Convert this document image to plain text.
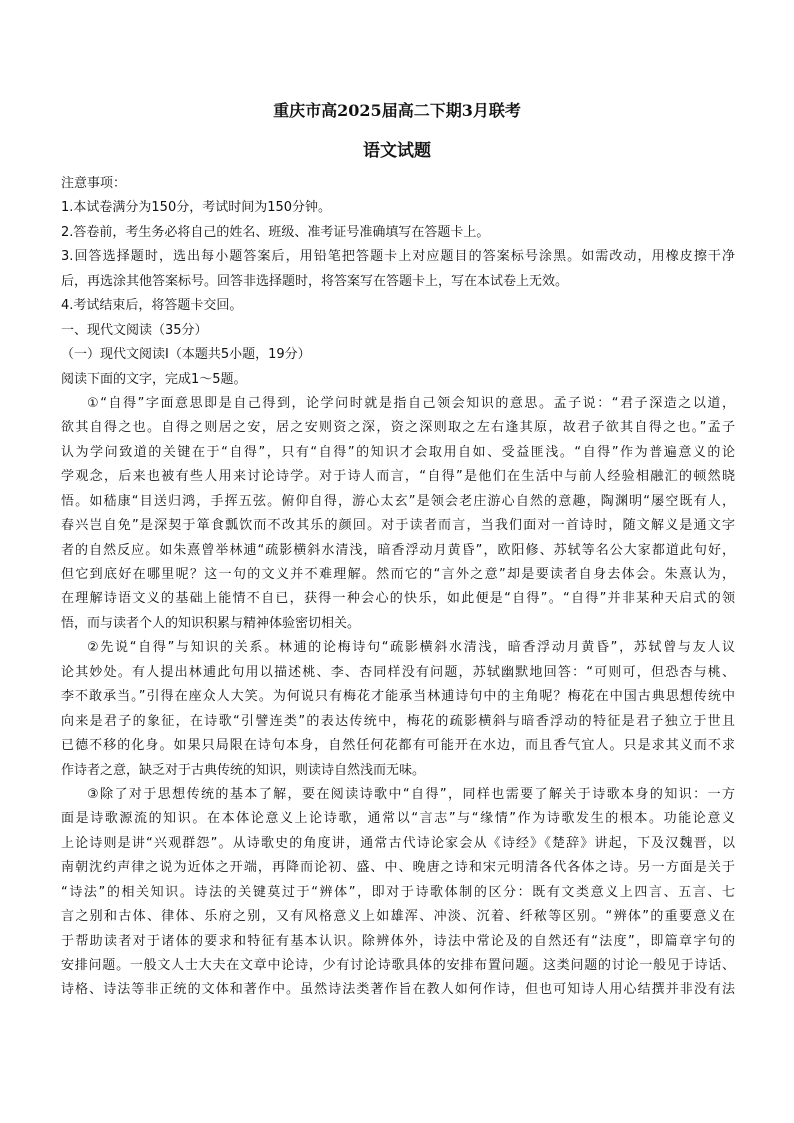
重庆市高2025届高二下期3月联考
语文试题
注意事项：
1.本试卷满分为150分，考试时间为150分钟。
2.答卷前，考生务必将自己的姓名、班级、准考证号准确填写在答题卡上。
3.回答选择题时，选出每小题答案后，用铅笔把答题卡上对应题目的答案标号涂黑。如需改动，用橡皮擦干净
后，再选涂其他答案标号。回答非选择题时，将答案写在答题卡上，写在本试卷上无效。
4.考试结束后，将答题卡交回。
一、现代文阅读（35分）
（一）现代文阅读Ⅰ（本题共5小题，19分）
阅读下面的文字，完成1～5题。
①“自得”字面意思即是自己得到，论学问时就是指自己领会知识的意思。孟子说：“君子深造之以道，
欲其自得之也。自得之则居之安，居之安则资之深，资之深则取之左右逢其原，故君子欲其自得之也。”孟子
认为学问致道的关键在于“自得”，只有“自得”的知识才会取用自如、受益匪浅。“自得”作为普遍意义的论
学观念，后来也被有些人用来讨论诗学。对于诗人而言，“自得”是他们在生活中与前人经验相融汇的顿然晓
悟。如嵇康“目送归鸿，手挥五弦。俯仰自得，游心太玄”是领会老庄游心自然的意趣，陶渊明“屡空既有人，
春兴岂自免”是深契于箪食瓢饮而不改其乐的颜回。对于读者而言，当我们面对一首诗时，随文解义是通文字
者的自然反应。如朱熹曾举林逋“疏影横斜水清浅，暗香浮动月黄昏”，欧阳修、苏轼等名公大家都道此句好，
但它到底好在哪里呢？这一句的文义并不难理解。然而它的“言外之意”却是要读者自身去体会。朱熹认为，
在理解诗语文义的基础上能情不自已，获得一种会心的快乐，如此便是“自得”。“自得”并非某种天启式的领
悟，而与读者个人的知识积累与精神体验密切相关。
②先说“自得”与知识的关系。林逋的论梅诗句“疏影横斜水清浅，暗香浮动月黄昏”，苏轼曾与友人议
论其妙处。有人提出林逋此句用以描述桃、李、杏同样没有问题，苏轼幽默地回答：“可则可，但恐杏与桃、
李不敢承当。”引得在座众人大笑。为何说只有梅花才能承当林逋诗句中的主角呢？梅花在中国古典思想传统中
向来是君子的象征，在诗歌“引譬连类”的表达传统中，梅花的疏影横斜与暗香浮动的特征是君子独立于世且
已德不移的化身。如果只局限在诗句本身，自然任何花都有可能开在水边，而且香气宜人。只是求其义而不求
作诗者之意，缺乏对于古典传统的知识，则读诗自然浅而无味。
③除了对于思想传统的基本了解，要在阅读诗歌中“自得”，同样也需要了解关于诗歌本身的知识：一方
面是诗歌源流的知识。在本体论意义上论诗歌，通常以“言志”与“缘情”作为诗歌发生的根本。功能论意义
上论诗则是讲“兴观群怨”。从诗歌史的角度讲，通常古代诗论家会从《诗经》《楚辞》讲起，下及汉魏晋，以
南朝沈约声律之说为近体之开端，再降而论初、盛、中、晚唐之诗和宋元明清各代各体之诗。另一方面是关于
“诗法”的相关知识。诗法的关键莫过于“辨体”，即对于诗歌体制的区分：既有文类意义上四言、五言、七
言之别和古体、律体、乐府之别，又有风格意义上如雄浑、冲淡、沉着、纤秾等区别。“辨体”的重要意义在
于帮助读者对于诸体的要求和特征有基本认识。除辨体外，诗法中常论及的自然还有“法度”，即篇章字句的
安排问题。一般文人士大夫在文章中论诗，少有讨论诗歌具体的安排布置问题。这类问题的讨论一般见于诗话、
诗格、诗法等非正统的文体和著作中。虽然诗法类著作旨在教人如何作诗，但也可知诗人用心结撰并非没有法
